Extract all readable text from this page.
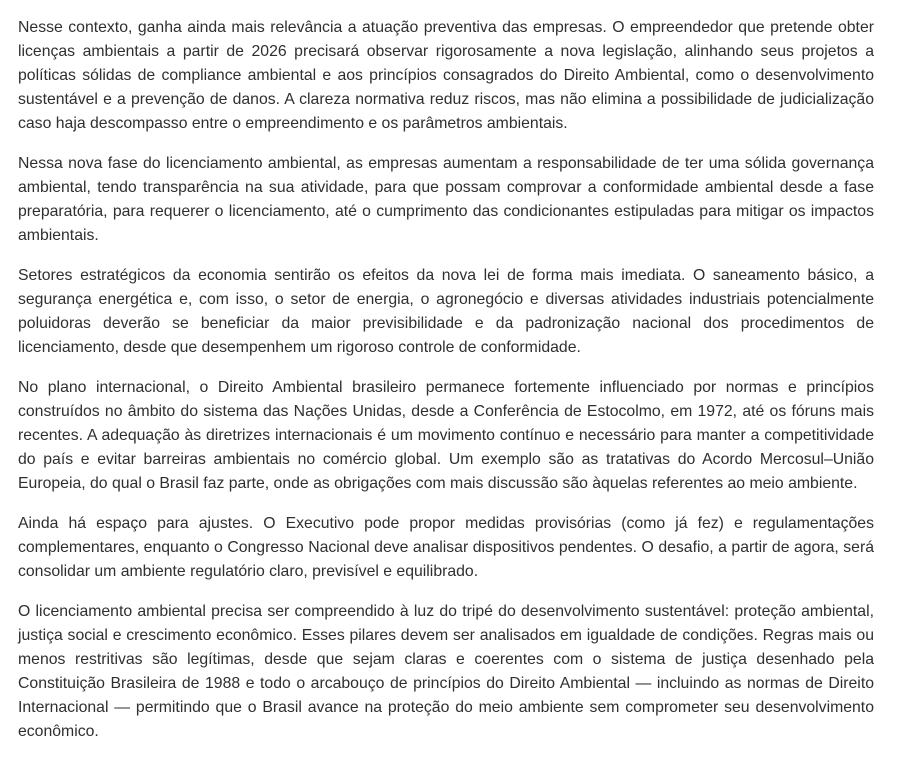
Nesse contexto, ganha ainda mais relevância a atuação preventiva das empresas. O empreendedor que pretende obter licenças ambientais a partir de 2026 precisará observar rigorosamente a nova legislação, alinhando seus projetos a políticas sólidas de compliance ambiental e aos princípios consagrados do Direito Ambiental, como o desenvolvimento sustentável e a prevenção de danos. A clareza normativa reduz riscos, mas não elimina a possibilidade de judicialização caso haja descompasso entre o empreendimento e os parâmetros ambientais.

Nessa nova fase do licenciamento ambiental, as empresas aumentam a responsabilidade de ter uma sólida governança ambiental, tendo transparência na sua atividade, para que possam comprovar a conformidade ambiental desde a fase preparatória, para requerer o licenciamento, até o cumprimento das condicionantes estipuladas para mitigar os impactos ambientais.

Setores estratégicos da economia sentirão os efeitos da nova lei de forma mais imediata. O saneamento básico, a segurança energética e, com isso, o setor de energia, o agronegócio e diversas atividades industriais potencialmente poluidoras deverão se beneficiar da maior previsibilidade e da padronização nacional dos procedimentos de licenciamento, desde que desempenhem um rigoroso controle de conformidade.

No plano internacional, o Direito Ambiental brasileiro permanece fortemente influenciado por normas e princípios construídos no âmbito do sistema das Nações Unidas, desde a Conferência de Estocolmo, em 1972, até os fóruns mais recentes. A adequação às diretrizes internacionais é um movimento contínuo e necessário para manter a competitividade do país e evitar barreiras ambientais no comércio global. Um exemplo são as tratativas do Acordo Mercosul–União Europeia, do qual o Brasil faz parte, onde as obrigações com mais discussão são àquelas referentes ao meio ambiente.

Ainda há espaço para ajustes. O Executivo pode propor medidas provisórias (como já fez) e regulamentações complementares, enquanto o Congresso Nacional deve analisar dispositivos pendentes. O desafio, a partir de agora, será consolidar um ambiente regulatório claro, previsível e equilibrado.

O licenciamento ambiental precisa ser compreendido à luz do tripé do desenvolvimento sustentável: proteção ambiental, justiça social e crescimento econômico. Esses pilares devem ser analisados em igualdade de condições. Regras mais ou menos restritivas são legítimas, desde que sejam claras e coerentes com o sistema de justiça desenhado pela Constituição Brasileira de 1988 e todo o arcabouço de princípios do Direito Ambiental — incluindo as normas de Direito Internacional — permitindo que o Brasil avance na proteção do meio ambiente sem comprometer seu desenvolvimento econômico.
